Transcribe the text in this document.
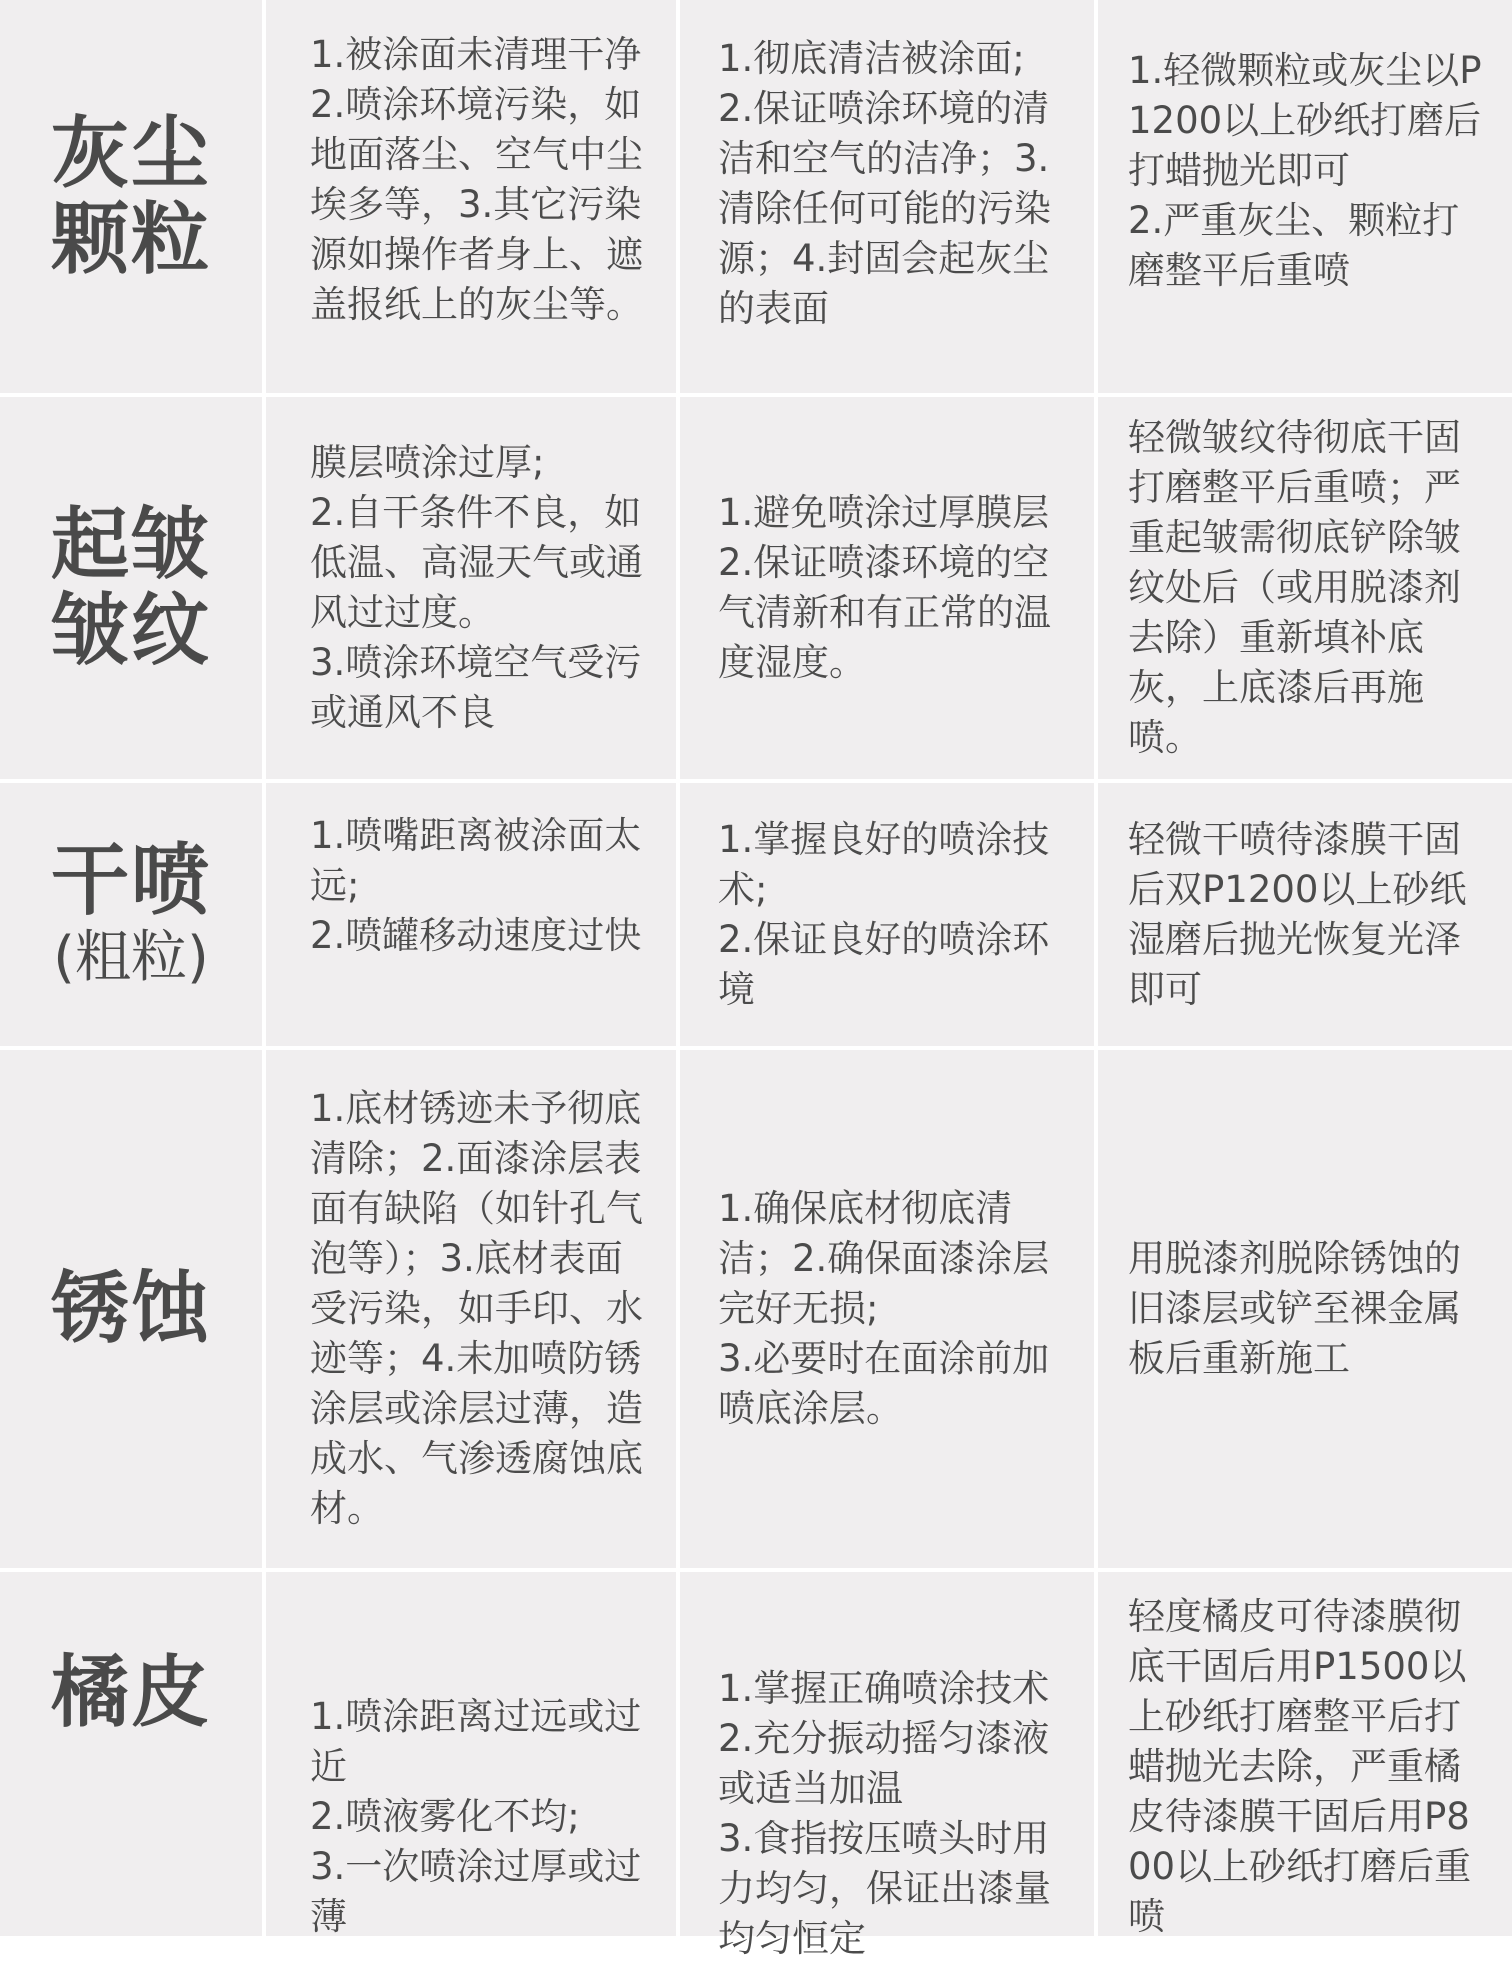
灰尘
颗粒
1.被涂面未清理干净
2.喷涂环境污染，如地面落尘、空气中尘埃多等，3.其它污染源如操作者身上、遮盖报纸上的灰尘等。
1.彻底清洁被涂面;
2.保证喷涂环境的清洁和空气的洁净；3.清除任何可能的污染源；4.封固会起灰尘的表面
1.轻微颗粒或灰尘以P1200以上砂纸打磨后打蜡抛光即可
2.严重灰尘、颗粒打磨整平后重喷
起皱
皱纹
膜层喷涂过厚;
2.自干条件不良，如低温、高湿天气或通风过过度。
3.喷涂环境空气受污或通风不良
1.避免喷涂过厚膜层
2.保证喷漆环境的空气清新和有正常的温度湿度。
轻微皱纹待彻底干固打磨整平后重喷；严重起皱需彻底铲除皱纹处后（或用脱漆剂去除）重新填补底灰，上底漆后再施喷。

干喷

(粗粒)

1.喷嘴距离被涂面太远;
2.喷罐移动速度过快
1.掌握良好的喷涂技术;
2.保证良好的喷涂环境
轻微干喷待漆膜干固后双P1200以上砂纸湿磨后抛光恢复光泽即可
锈蚀
1.底材锈迹未予彻底清除；2.面漆涂层表面有缺陷（如针孔气泡等）；3.底材表面受污染，如手印、水迹等；4.未加喷防锈涂层或涂层过薄，造成水、气渗透腐蚀底材。
1.确保底材彻底清洁；2.确保面漆涂层完好无损;
3.必要时在面涂前加喷底涂层。
用脱漆剂脱除锈蚀的旧漆层或铲至裸金属板后重新施工
橘皮	1.喷涂距离过远或过近
2.喷液雾化不均;
3.一次喷涂过厚或过薄
1.掌握正确喷涂技术
2.充分振动摇匀漆液或适当加温
3.食指按压喷头时用力均匀，保证出漆量均匀恒定
轻度橘皮可待漆膜彻底干固后用P1500以上砂纸打磨整平后打蜡抛光去除，严重橘皮待漆膜干固后用P800以上砂纸打磨后重喷
